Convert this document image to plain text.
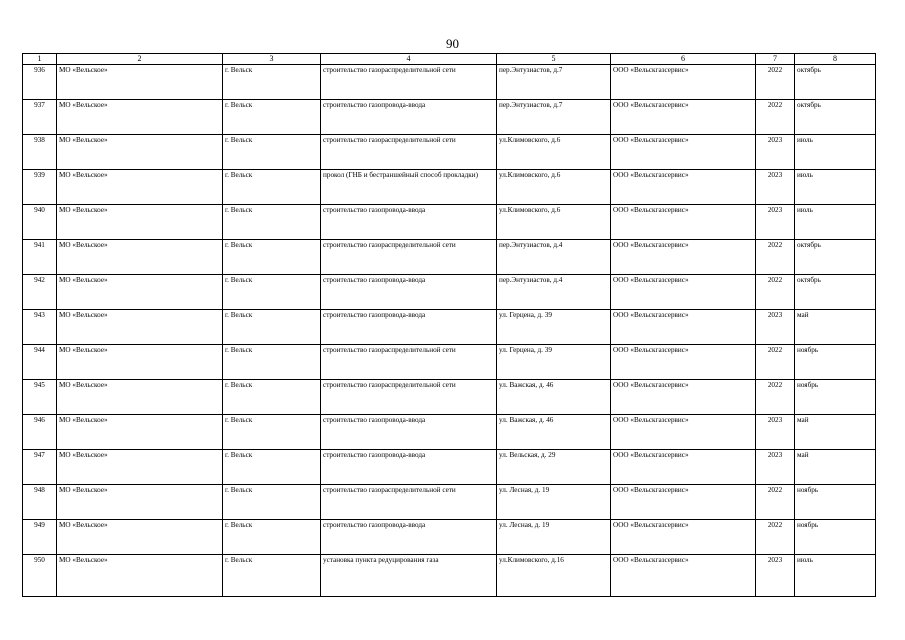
90
1	2	3	4	5	6	7	8
936	МО «Вельское»	г. Вельск	строительство газораспределительной сети	пер.Энтузиастов, д.7	ООО «Вельскгазсервис»	2022	октябрь
937	МО «Вельское»	г. Вельск	строительство газопровода-ввода	пер.Энтузиастов, д.7	ООО «Вельскгазсервис»	2022	октябрь
938	МО «Вельское»	г. Вельск	строительство газораспределительной сети	ул.Климовского, д.6	ООО «Вельскгазсервис»	2023	июль
939	МО «Вельское»	г. Вельск	прокол (ГНБ и бестраншейный способ прокладки)	ул.Климовского, д.6	ООО «Вельскгазсервис»	2023	июль
940	МО «Вельское»	г. Вельск	строительство газопровода-ввода	ул.Климовского, д.6	ООО «Вельскгазсервис»	2023	июль
941	МО «Вельское»	г. Вельск	строительство газораспределительной сети	пер.Энтузиастов, д.4	ООО «Вельскгазсервис»	2022	октябрь
942	МО «Вельское»	г. Вельск	строительство газопровода-ввода	пер.Энтузиастов, д.4	ООО «Вельскгазсервис»	2022	октябрь
943	МО «Вельское»	г. Вельск	строительство газопровода-ввода	ул. Герцена, д. 39	ООО «Вельскгазсервис»	2023	май
944	МО «Вельское»	г. Вельск	строительство газораспределительной сети	ул. Герцена, д. 39	ООО «Вельскгазсервис»	2022	ноябрь
945	МО «Вельское»	г. Вельск	строительство газораспределительной сети	ул. Важская, д. 46	ООО «Вельскгазсервис»	2022	ноябрь
946	МО «Вельское»	г. Вельск	строительство газопровода-ввода	ул. Важская, д. 46	ООО «Вельскгазсервис»	2023	май
947	МО «Вельское»	г. Вельск	строительство газопровода-ввода	ул. Вельская, д. 29	ООО «Вельскгазсервис»	2023	май
948	МО «Вельское»	г. Вельск	строительство газораспределительной сети	ул. Лесная, д. 19	ООО «Вельскгазсервис»	2022	ноябрь
949	МО «Вельское»	г. Вельск	строительство газопровода-ввода	ул. Лесная, д. 19	ООО «Вельскгазсервис»	2022	ноябрь
950	МО «Вельское»	г. Вельск	установка пункта редуцирования газа	ул.Климовского, д.16	ООО «Вельскгазсервис»	2023	июль
